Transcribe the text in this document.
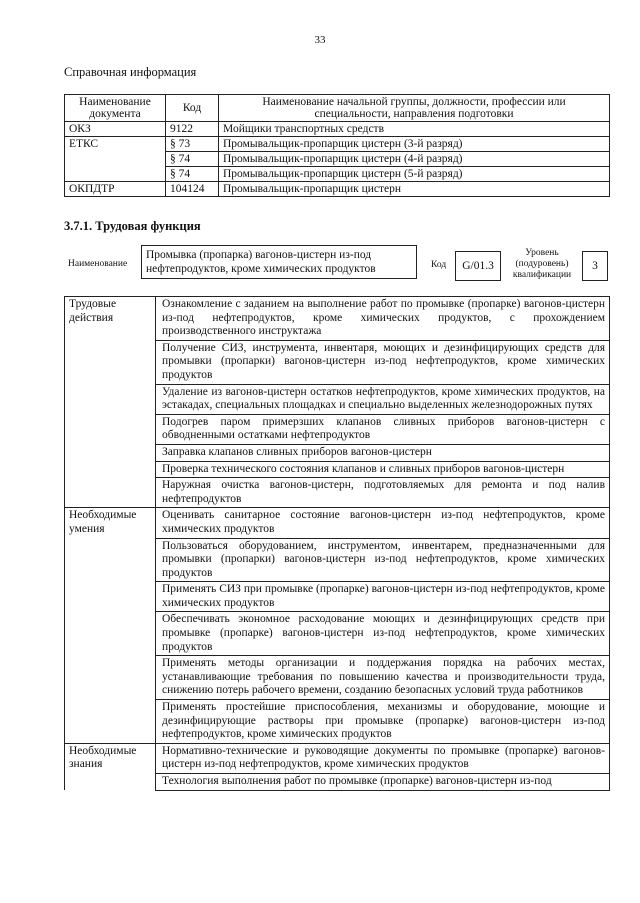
33
Справочная информация
Наименование документа	Код	Наименование начальной группы, должности, профессии или специальности, направления подготовки
ОКЗ	9122	Мойщики транспортных средств
ЕТКС	§ 73	Промывальщик-пропарщик цистерн (3-й разряд)
	§ 74	Промывальщик-пропарщик цистерн (4-й разряд)
	§ 74	Промывальщик-пропарщик цистерн (5-й разряд)
ОКПДТР	104124	Промывальщик-пропарщик цистерн
3.7.1. Трудовая функция
Наименование
Промывка (пропарка) вагонов-цистерн из-под нефтепродуктов, кроме химических продуктов	Код	G/01.3
Уровень (подуровень) квалификации
3
Трудовые действия	Ознакомление с заданием на выполнение работ по промывке (пропарке) вагонов-цистерн из-под нефтепродуктов, кроме химических продуктов, с прохождением производственного инструктажа
	Получение СИЗ, инструмента, инвентаря, моющих и дезинфицирующих средств для промывки (пропарки) вагонов-цистерн из-под нефтепродуктов, кроме химических продуктов
	Удаление из вагонов-цистерн остатков нефтепродуктов, кроме химических продуктов, на эстакадах, специальных площадках и специально выделенных железнодорожных путях
	Подогрев паром примерзших клапанов сливных приборов вагонов-цистерн с обводненными остатками нефтепродуктов
	Заправка клапанов сливных приборов вагонов-цистерн
	Проверка технического состояния клапанов и сливных приборов вагонов-цистерн
	Наружная очистка вагонов-цистерн, подготовляемых для ремонта и под налив нефтепродуктов
Необходимые умения	Оценивать санитарное состояние вагонов-цистерн из-под нефтепродуктов, кроме химических продуктов
	Пользоваться оборудованием, инструментом, инвентарем, предназначенными для промывки (пропарки) вагонов-цистерн из-под нефтепродуктов, кроме химических продуктов
	Применять СИЗ при промывке (пропарке) вагонов-цистерн из-под нефтепродуктов, кроме химических продуктов
	Обеспечивать экономное расходование моющих и дезинфицирующих средств при промывке (пропарке) вагонов-цистерн из-под нефтепродуктов, кроме химических продуктов
	Применять методы организации и поддержания порядка на рабочих местах, устанавливающие требования по повышению качества и производительности труда, снижению потерь рабочего времени, созданию безопасных условий труда работников
	Применять простейшие приспособления, механизмы и оборудование, моющие и дезинфицирующие растворы при промывке (пропарке) вагонов-цистерн из-под нефтепродуктов, кроме химических продуктов
Необходимые знания	Нормативно-технические и руководящие документы по промывке (пропарке) вагонов-цистерн из-под нефтепродуктов, кроме химических продуктов
	Технология выполнения работ по промывке (пропарке) вагонов-цистерн из-под
